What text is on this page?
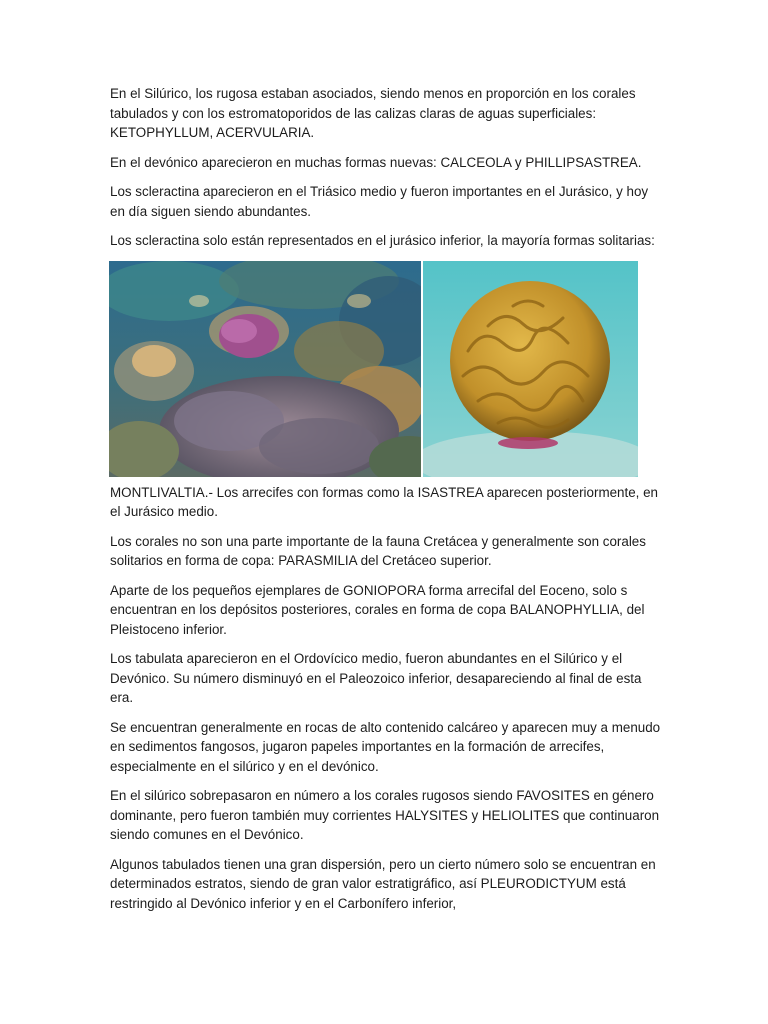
En el Silúrico, los rugosa estaban asociados, siendo menos en proporción en los corales tabulados y con los estromatoporidos de las calizas claras de aguas superficiales: KETOPHYLLUM, ACERVULARIA.

En el devónico aparecieron en muchas formas nuevas: CALCEOLA y PHILLIPSASTREA.

Los scleractina aparecieron en el Triásico medio y fueron importantes en el Jurásico, y hoy en día siguen siendo abundantes.

Los scleractina solo están representados en el jurásico inferior, la mayoría formas solitarias:

MONTLIVALTIA.- Los arrecifes con formas como la ISASTREA aparecen posteriormente, en el Jurásico medio.

Los corales no son una parte importante de la fauna Cretácea y generalmente son corales solitarios en forma de copa: PARASMILIA del Cretáceo superior.

Aparte de los pequeños ejemplares de GONIOPORA forma arrecifal del Eoceno, solo s encuentran en los depósitos posteriores, corales en forma de copa BALANOPHYLLIA, del Pleistoceno inferior.

Los tabulata aparecieron en el Ordovícico medio, fueron abundantes en el Silúrico y el Devónico. Su número disminuyó en el Paleozoico inferior, desapareciendo al final de esta era.

Se encuentran generalmente en rocas de alto contenido calcáreo y aparecen muy a menudo en sedimentos fangosos, jugaron papeles importantes en la formación de arrecifes, especialmente en el silúrico y en el devónico.

En el silúrico sobrepasaron en número a los corales rugosos siendo FAVOSITES en género dominante, pero fueron también muy corrientes HALYSITES y HELIOLITES que continuaron siendo comunes en el Devónico.

Algunos tabulados tienen una gran dispersión, pero un cierto número solo se encuentran en determinados estratos, siendo de gran valor estratigráfico, así PLEURODICTYUM está restringido al Devónico inferior y en el Carbonífero inferior,
